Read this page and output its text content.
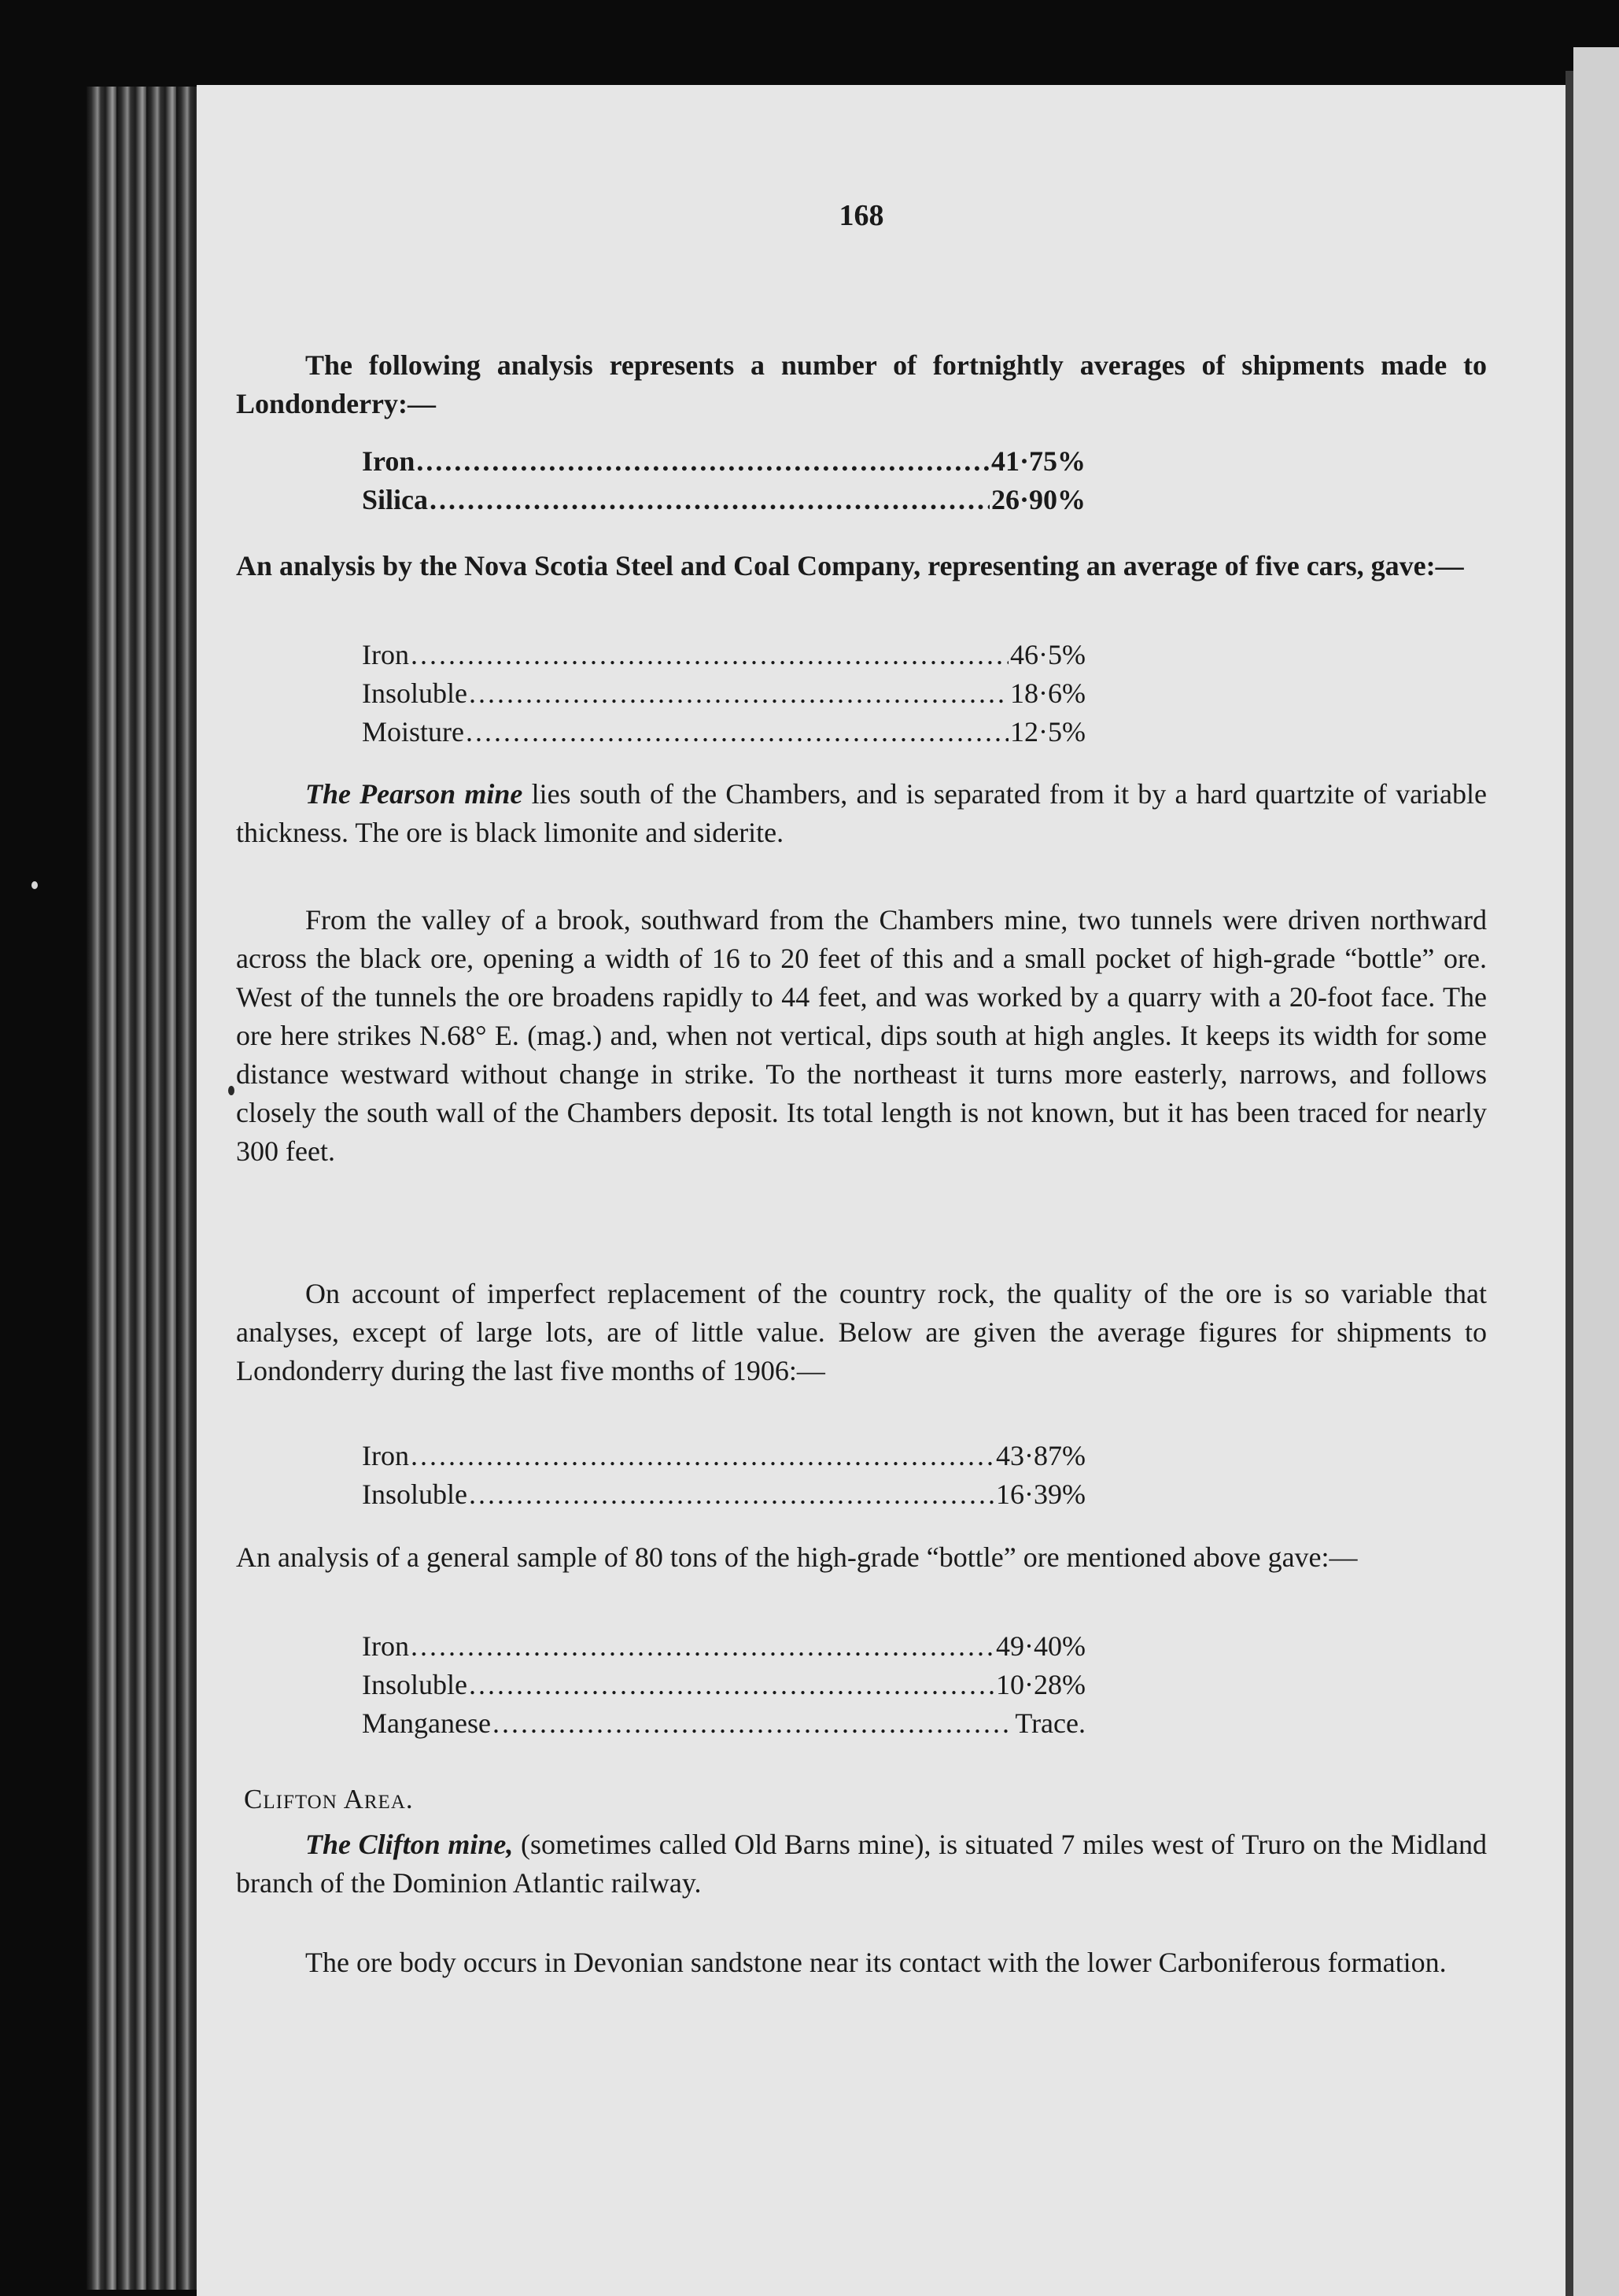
168

The following analysis represents a number of fortnightly averages of shipments made to Londonderry:—

Iron .....	41·75%
Silica .....	26·90%

An analysis by the Nova Scotia Steel and Coal Company, representing an average of five cars, gave:—

Iron .....	46·5%
Insoluble .....	18·6%
Moisture .....	12·5%

The Pearson mine lies south of the Chambers, and is separated from it by a hard quartzite of variable thickness. The ore is black limonite and siderite.

From the valley of a brook, southward from the Chambers mine, two tunnels were driven northward across the black ore, opening a width of 16 to 20 feet of this and a small pocket of high-grade “bottle” ore. West of the tunnels the ore broadens rapidly to 44 feet, and was worked by a quarry with a 20-foot face. The ore here strikes N.68° E. (mag.) and, when not vertical, dips south at high angles. It keeps its width for some distance westward without change in strike. To the northeast it turns more easterly, narrows, and follows closely the south wall of the Chambers deposit. Its total length is not known, but it has been traced for nearly 300 feet.

On account of imperfect replacement of the country rock, the quality of the ore is so variable that analyses, except of large lots, are of little value. Below are given the average figures for shipments to Londonderry during the last five months of 1906:—

Iron .....	43·87%
Insoluble .....	16·39%

An analysis of a general sample of 80 tons of the high-grade “bottle” ore mentioned above gave:—

Iron .....	49·40%
Insoluble .....	10·28%
Manganese .....	Trace.
Clifton Area.

The Clifton mine, (sometimes called Old Barns mine), is situated 7 miles west of Truro on the Midland branch of the Dominion Atlantic railway.

The ore body occurs in Devonian sandstone near its contact with the lower Carboniferous formation.
